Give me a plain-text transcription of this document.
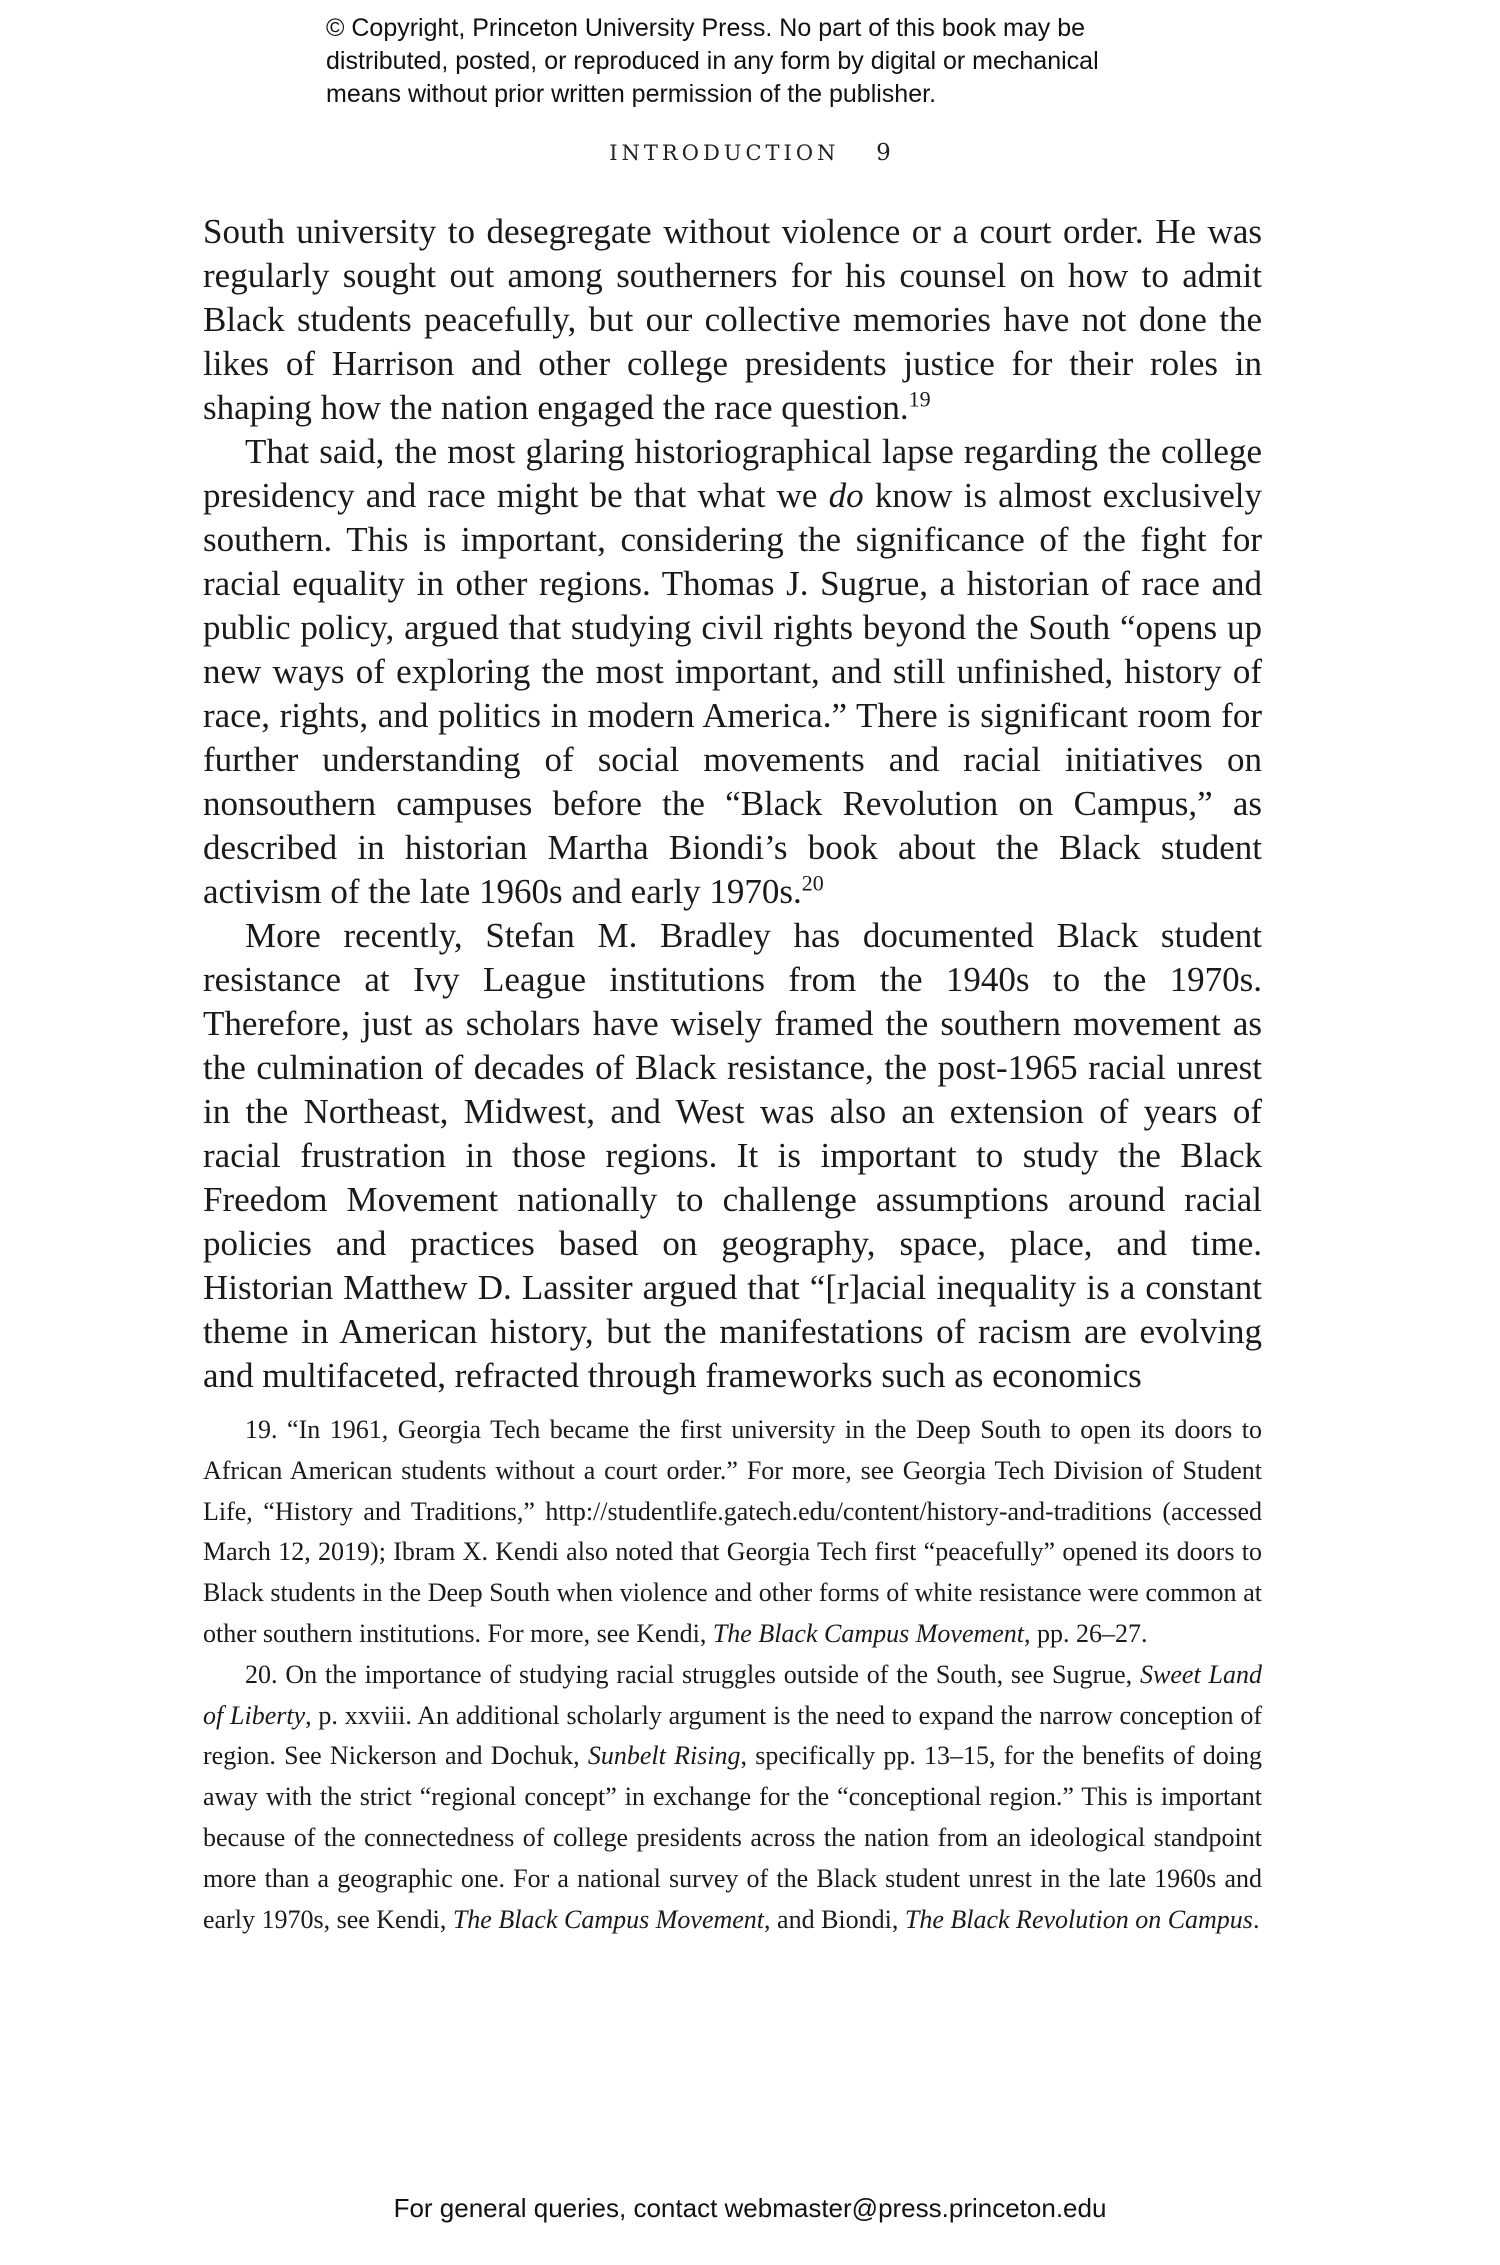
© Copyright, Princeton University Press. No part of this book may be
distributed, posted, or reproduced in any form by digital or mechanical
means without prior written permission of the publisher.
INTRODUCTION 9

South university to desegregate without violence or a court order. He was regularly sought out among southerners for his counsel on how to admit Black students peacefully, but our collective memories have not done the likes of Harrison and other college presidents justice for their roles in shaping how the nation engaged the race question.$^{19}$

That said, the most glaring historiographical lapse regarding the college presidency and race might be that what we do know is almost exclusively southern. This is important, considering the significance of the fight for racial equality in other regions. Thomas J. Sugrue, a historian of race and public policy, argued that studying civil rights beyond the South “opens up new ways of exploring the most important, and still unfinished, history of race, rights, and politics in modern America.” There is significant room for further understanding of social movements and racial initiatives on nonsouthern campuses before the “Black Revolution on Campus,” as described in historian Martha Biondi’s book about the Black student activism of the late 1960s and early 1970s.$^{20}$

More recently, Stefan M. Bradley has documented Black student resistance at Ivy League institutions from the 1940s to the 1970s. Therefore, just as scholars have wisely framed the southern movement as the culmination of decades of Black resistance, the post-1965 racial unrest in the Northeast, Midwest, and West was also an extension of years of racial frustration in those regions. It is important to study the Black Freedom Movement nationally to challenge assumptions around racial policies and practices based on geography, space, place, and time. Historian Matthew D. Lassiter argued that “[r]acial inequality is a constant theme in American history, but the manifestations of racism are evolving and multifaceted, refracted through frameworks such as economics

19. “In 1961, Georgia Tech became the first university in the Deep South to open its doors to African American students without a court order.” For more, see Georgia Tech Division of Student Life, “History and Traditions,” http://studentlife.gatech.edu/content/history-and-traditions (accessed March 12, 2019); Ibram X. Kendi also noted that Georgia Tech first “peacefully” opened its doors to Black students in the Deep South when violence and other forms of white resistance were common at other southern institutions. For more, see Kendi, The Black Campus Movement, pp. 26–27.

20. On the importance of studying racial struggles outside of the South, see Sugrue, Sweet Land of Liberty, p. xxviii. An additional scholarly argument is the need to expand the narrow conception of region. See Nickerson and Dochuk, Sunbelt Rising, specifically pp. 13–15, for the benefits of doing away with the strict “regional concept” in exchange for the “conceptional region.” This is important because of the connectedness of college presidents across the nation from an ideological standpoint more than a geographic one. For a national survey of the Black student unrest in the late 1960s and early 1970s, see Kendi, The Black Campus Movement, and Biondi, The Black Revolution on Campus.

For general queries, contact webmaster@press.princeton.edu
